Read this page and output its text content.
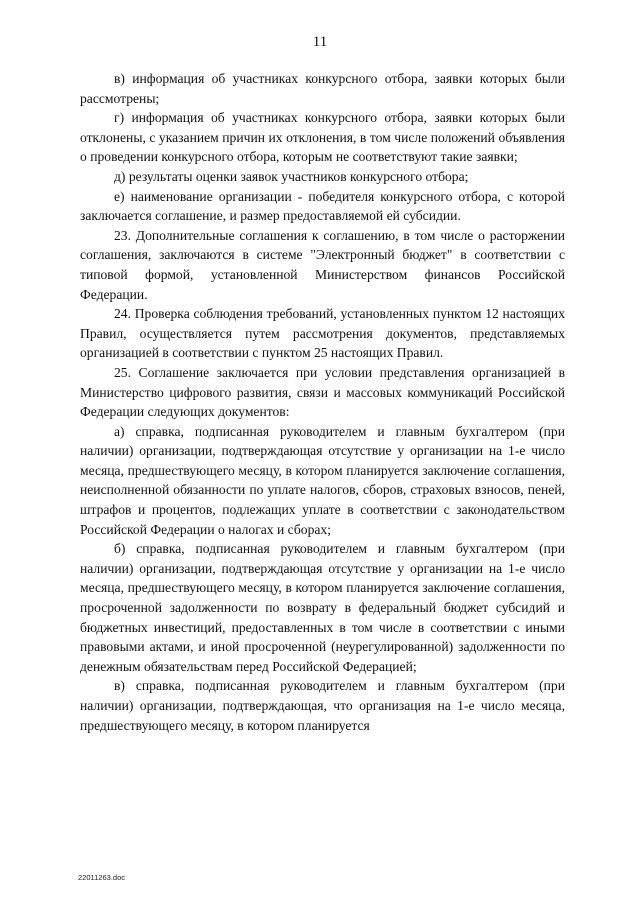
11

в) информация об участниках конкурсного отбора, заявки которых были рассмотрены;

г) информация об участниках конкурсного отбора, заявки которых были отклонены, с указанием причин их отклонения, в том числе положений объявления о проведении конкурсного отбора, которым не соответствуют такие заявки;

д) результаты оценки заявок участников конкурсного отбора;

е) наименование организации - победителя конкурсного отбора, с которой заключается соглашение, и размер предоставляемой ей субсидии.

23. Дополнительные соглашения к соглашению, в том числе о расторжении соглашения, заключаются в системе "Электронный бюджет" в соответствии с типовой формой, установленной Министерством финансов Российской Федерации.

24. Проверка соблюдения требований, установленных пунктом 12 настоящих Правил, осуществляется путем рассмотрения документов, представляемых организацией в соответствии с пунктом 25 настоящих Правил.

25. Соглашение заключается при условии представления организацией в Министерство цифрового развития, связи и массовых коммуникаций Российской Федерации следующих документов:

а) справка, подписанная руководителем и главным бухгалтером (при наличии) организации, подтверждающая отсутствие у организации на 1-е число месяца, предшествующего месяцу, в котором планируется заключение соглашения, неисполненной обязанности по уплате налогов, сборов, страховых взносов, пеней, штрафов и процентов, подлежащих уплате в соответствии с законодательством Российской Федерации о налогах и сборах;

б) справка, подписанная руководителем и главным бухгалтером (при наличии) организации, подтверждающая отсутствие у организации на 1-е число месяца, предшествующего месяцу, в котором планируется заключение соглашения, просроченной задолженности по возврату в федеральный бюджет субсидий и бюджетных инвестиций, предоставленных в том числе в соответствии с иными правовыми актами, и иной просроченной (неурегулированной) задолженности по денежным обязательствам перед Российской Федерацией;

в) справка, подписанная руководителем и главным бухгалтером (при наличии) организации, подтверждающая, что организация на 1-е число месяца, предшествующего месяцу, в котором планируется

22011263.doc
